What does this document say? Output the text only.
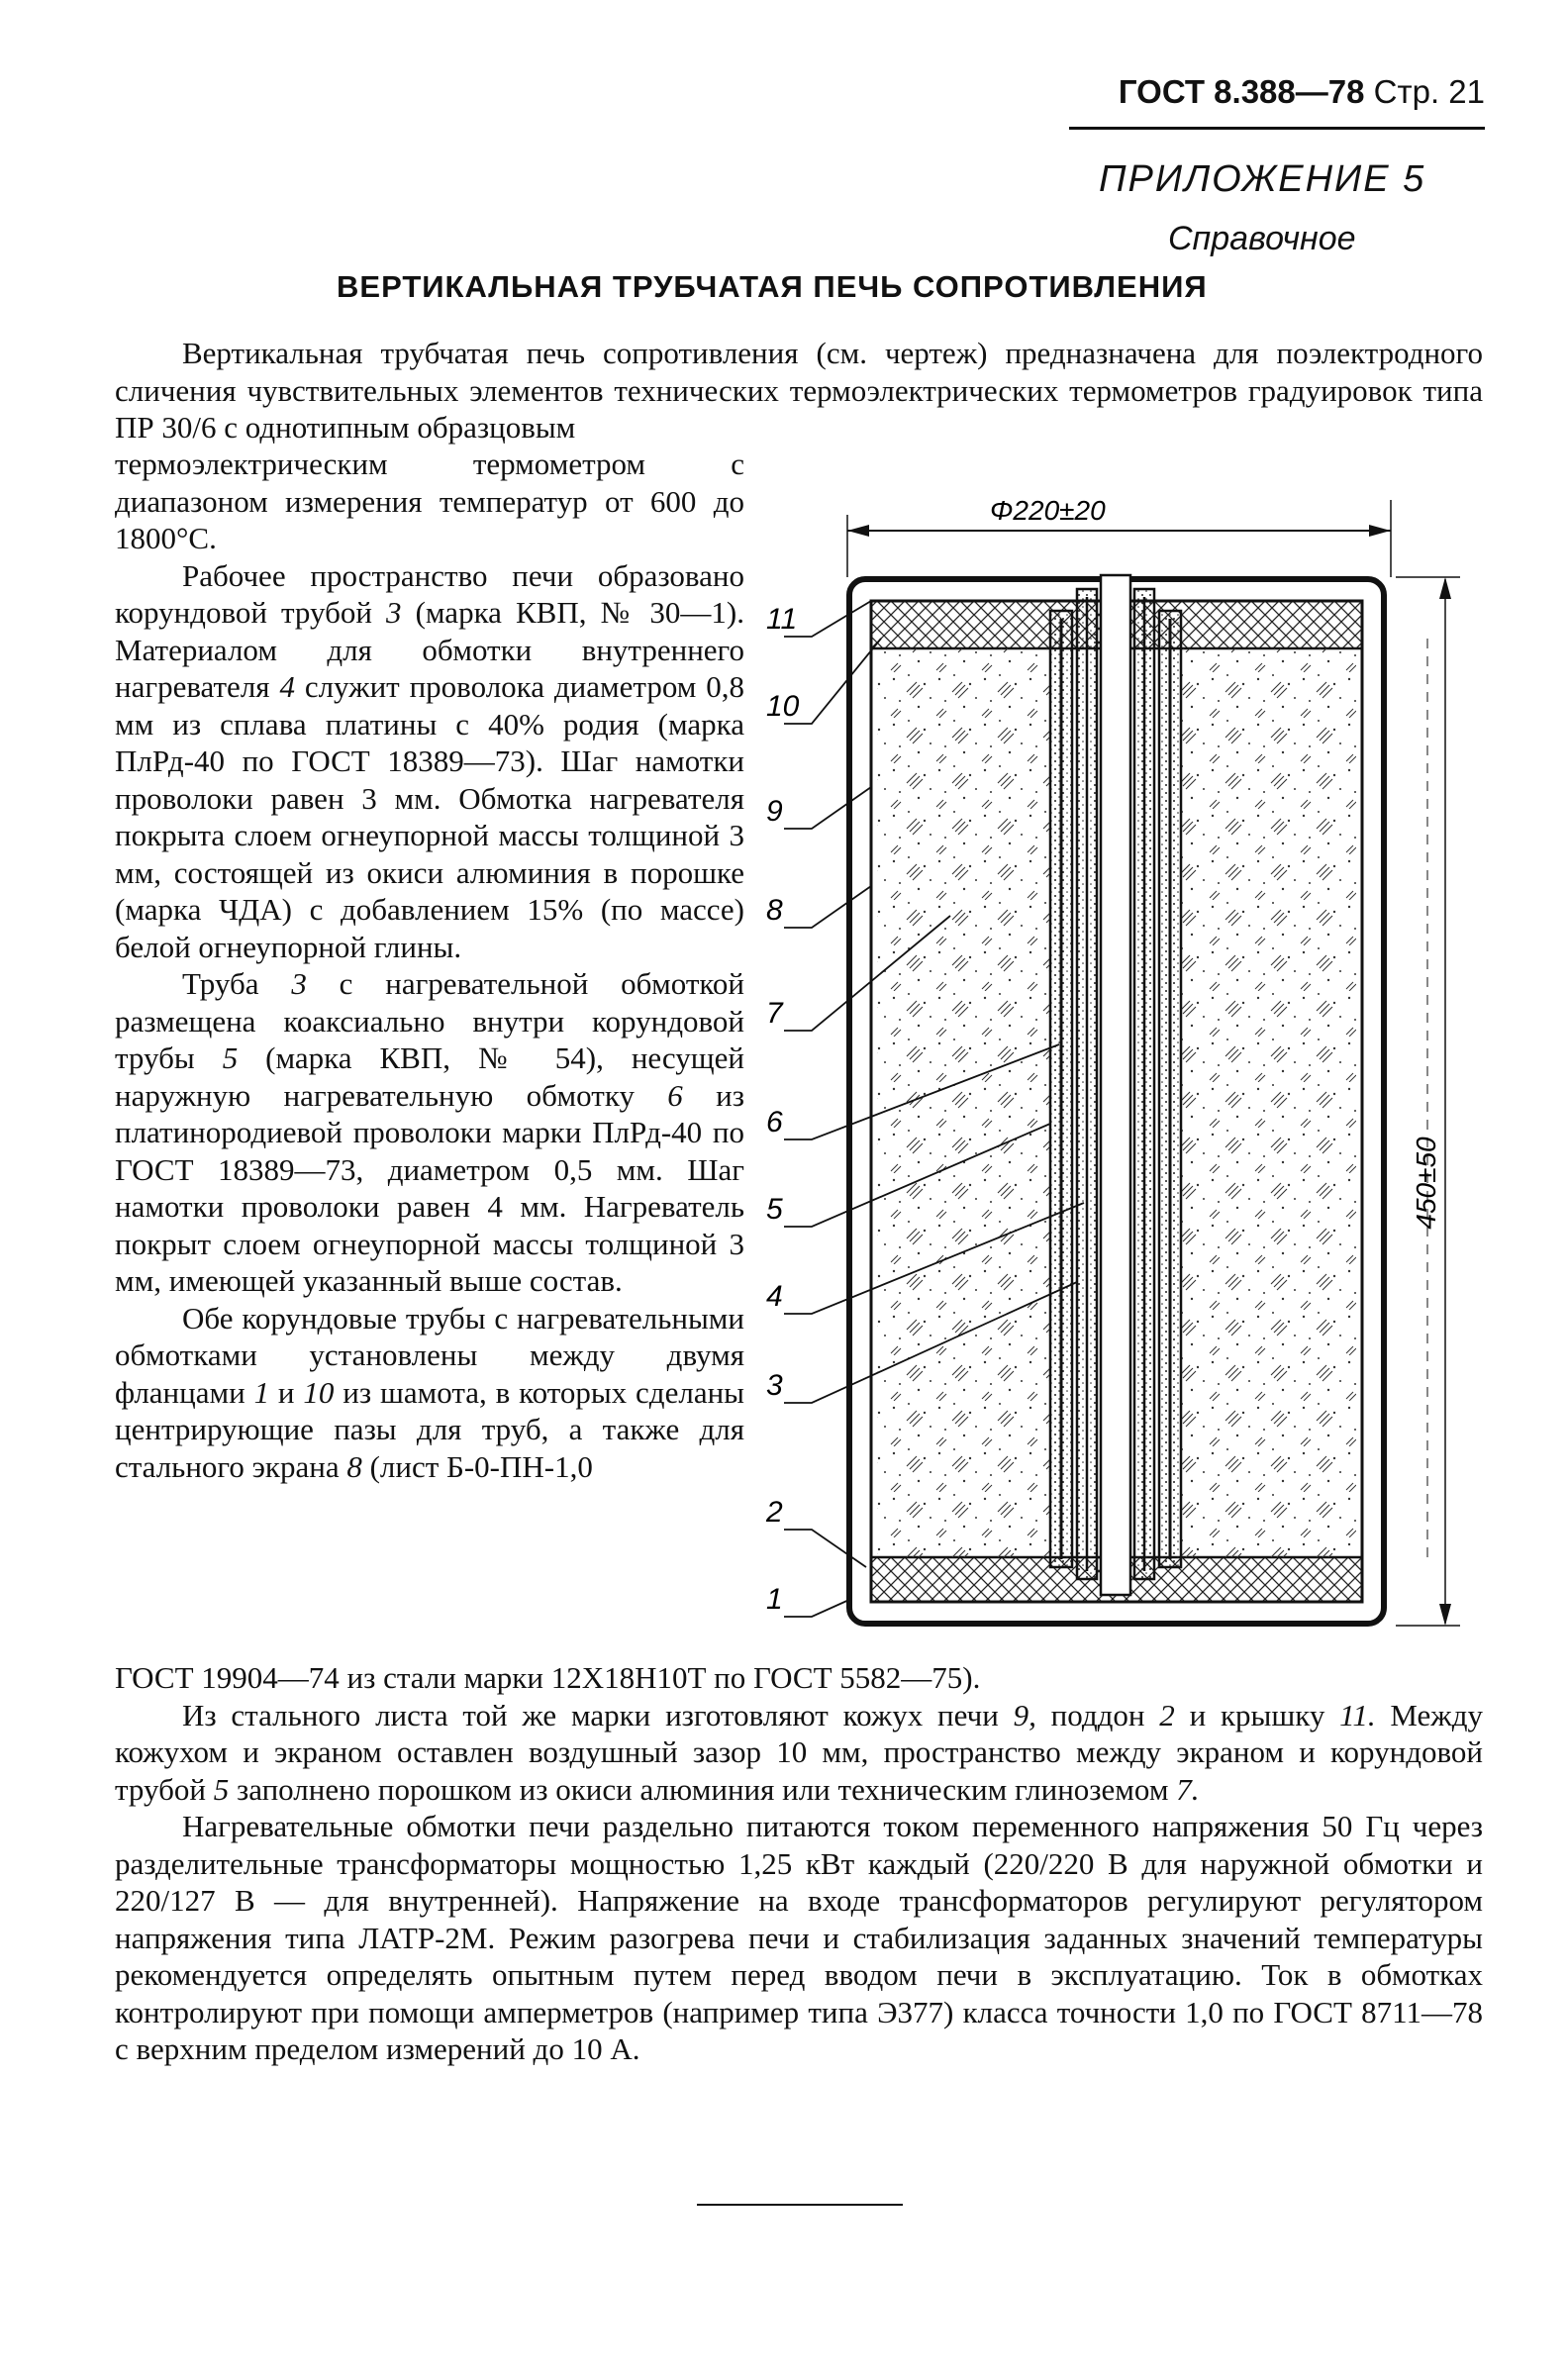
ГОСТ 8.388—78 Стр. 21
ПРИЛОЖЕНИЕ 5
Справочное
ВЕРТИКАЛЬНАЯ ТРУБЧАТАЯ ПЕЧЬ СОПРОТИВЛЕНИЯ
Вертикальная трубчатая печь сопротивления (см. чертеж) предназначена для поэлектродного сличения чувствительных элементов технических термоэлектрических термометров градуировок типа ПР 30/6 с однотипным образцовым

термоэлектрическим термометром с диапазоном измерения температур от 600 до 1800°С.

Рабочее пространство печи образовано корундовой трубой 3 (марка КВП, № 30—1). Материалом для обмотки внутреннего нагревателя 4 служит проволока диаметром 0,8 мм из сплава платины с 40% родия (марка ПлРд-40 по ГОСТ 18389—73). Шаг намотки проволоки равен 3 мм. Обмотка нагревателя покрыта слоем огнеупорной массы толщиной 3 мм, состоящей из окиси алюминия в порошке (марка ЧДА) с добавлением 15% (по массе) белой огнеупорной глины.

Труба 3 с нагревательной обмоткой размещена коаксиально внутри корундовой трубы 5 (марка КВП, № 54), несущей наружную нагревательную обмотку 6 из платинородиевой проволоки марки ПлРд-40 по ГОСТ 18389—73, диаметром 0,5 мм. Шаг намотки проволоки равен 4 мм. Нагреватель покрыт слоем огнеупорной массы толщиной 3 мм, имеющей указанный выше состав.

Обе корундовые трубы с нагревательными обмотками установлены между двумя фланцами 1 и 10 из шамота, в которых сделаны центрирующие пазы для труб, а также для стального экрана 8 (лист Б-0-ПН-1,0

ГОСТ 19904—74 из стали марки 12Х18Н10Т по ГОСТ 5582—75).

Из стального листа той же марки изготовляют кожух печи 9, поддон 2 и крышку 11. Между кожухом и экраном оставлен воздушный зазор 10 мм, пространство между экраном и корундовой трубой 5 заполнено порошком из окиси алюминия или техническим глиноземом 7.

Нагревательные обмотки печи раздельно питаются током переменного напряжения 50 Гц через разделительные трансформаторы мощностью 1,25 кВт каждый (220/220 В для наружной обмотки и 220/127 В — для внутренней). Напряжение на входе трансформаторов регулируют регулятором напряжения типа ЛАТР-2М. Режим разогрева печи и стабилизация заданных значений температуры рекомендуется определять опытным путем перед вводом печи в эксплуатацию. Ток в обмотках контролируют при помощи амперметров (например типа Э377) класса точности 1,0 по ГОСТ 8711—78 с верхним пределом измерений до 10 А.

Φ220±20
450±50
11
10
9
8
7
6
5
4
3
2
1
